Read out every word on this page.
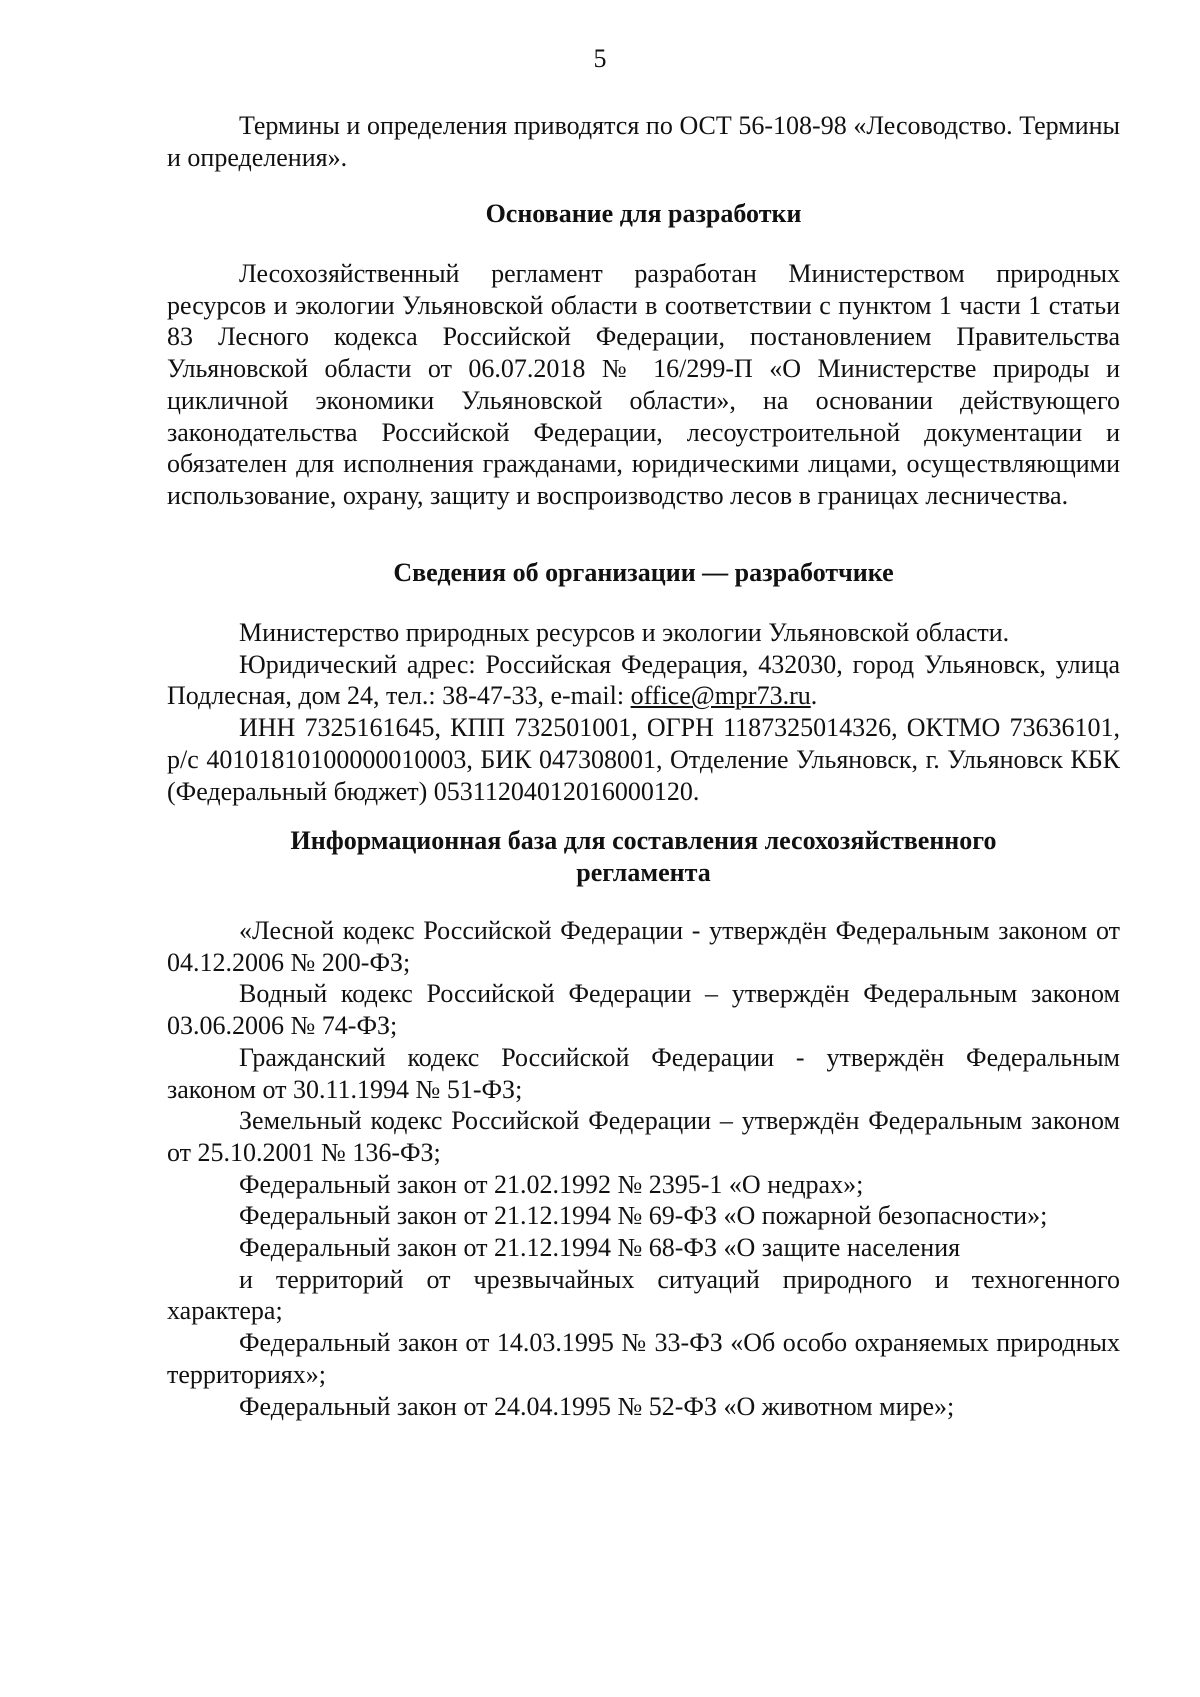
5

Термины и определения приводятся по ОСТ 56-108-98 «Лесоводство. Термины и определения».

Основание для разработки

Лесохозяйственный регламент разработан Министерством природных ресурсов и экологии Ульяновской области в соответствии с пунктом 1 части 1 статьи 83 Лесного кодекса Российской Федерации, постановлением Правительства Ульяновской области от 06.07.2018 № 16/299-П «О Министерстве природы и цикличной экономики Ульяновской области», на основании действующего законодательства Российской Федерации, лесоустроительной документации и обязателен для исполнения гражданами, юридическими лицами, осуществляющими использование, охрану, защиту и воспроизводство лесов в границах лесничества.

Сведения об организации — разработчике

Министерство природных ресурсов и экологии Ульяновской области.

Юридический адрес: Российская Федерация, 432030, город Ульяновск, улица Подлесная, дом 24, тел.: 38-47-33, e-mail: office@mpr73.ru.

ИНН 7325161645, КПП 732501001, ОГРН 1187325014326, ОКТМО 73636101, р/с 40101810100000010003, БИК 047308001, Отделение Ульяновск, г. Ульяновск КБК (Федеральный бюджет) 05311204012016000120.

Информационная база для составления лесохозяйственного
регламента

«Лесной кодекс Российской Федерации - утверждён Федеральным законом от 04.12.2006 № 200-ФЗ;

Водный кодекс Российской Федерации – утверждён Федеральным законом 03.06.2006 № 74-ФЗ;

Гражданский кодекс Российской Федерации - утверждён Федеральным законом от 30.11.1994 № 51-ФЗ;

Земельный кодекс Российской Федерации – утверждён Федеральным законом от 25.10.2001 № 136-ФЗ;

Федеральный закон от 21.02.1992 № 2395-1 «О недрах»;

Федеральный закон от 21.12.1994 № 69-ФЗ «О пожарной безопасности»;

Федеральный закон от 21.12.1994 № 68-ФЗ «О защите населения

и территорий от чрезвычайных ситуаций природного и техногенного характера;

Федеральный закон от 14.03.1995 № 33-ФЗ «Об особо охраняемых природных территориях»;

Федеральный закон от 24.04.1995 № 52-ФЗ «О животном мире»;
